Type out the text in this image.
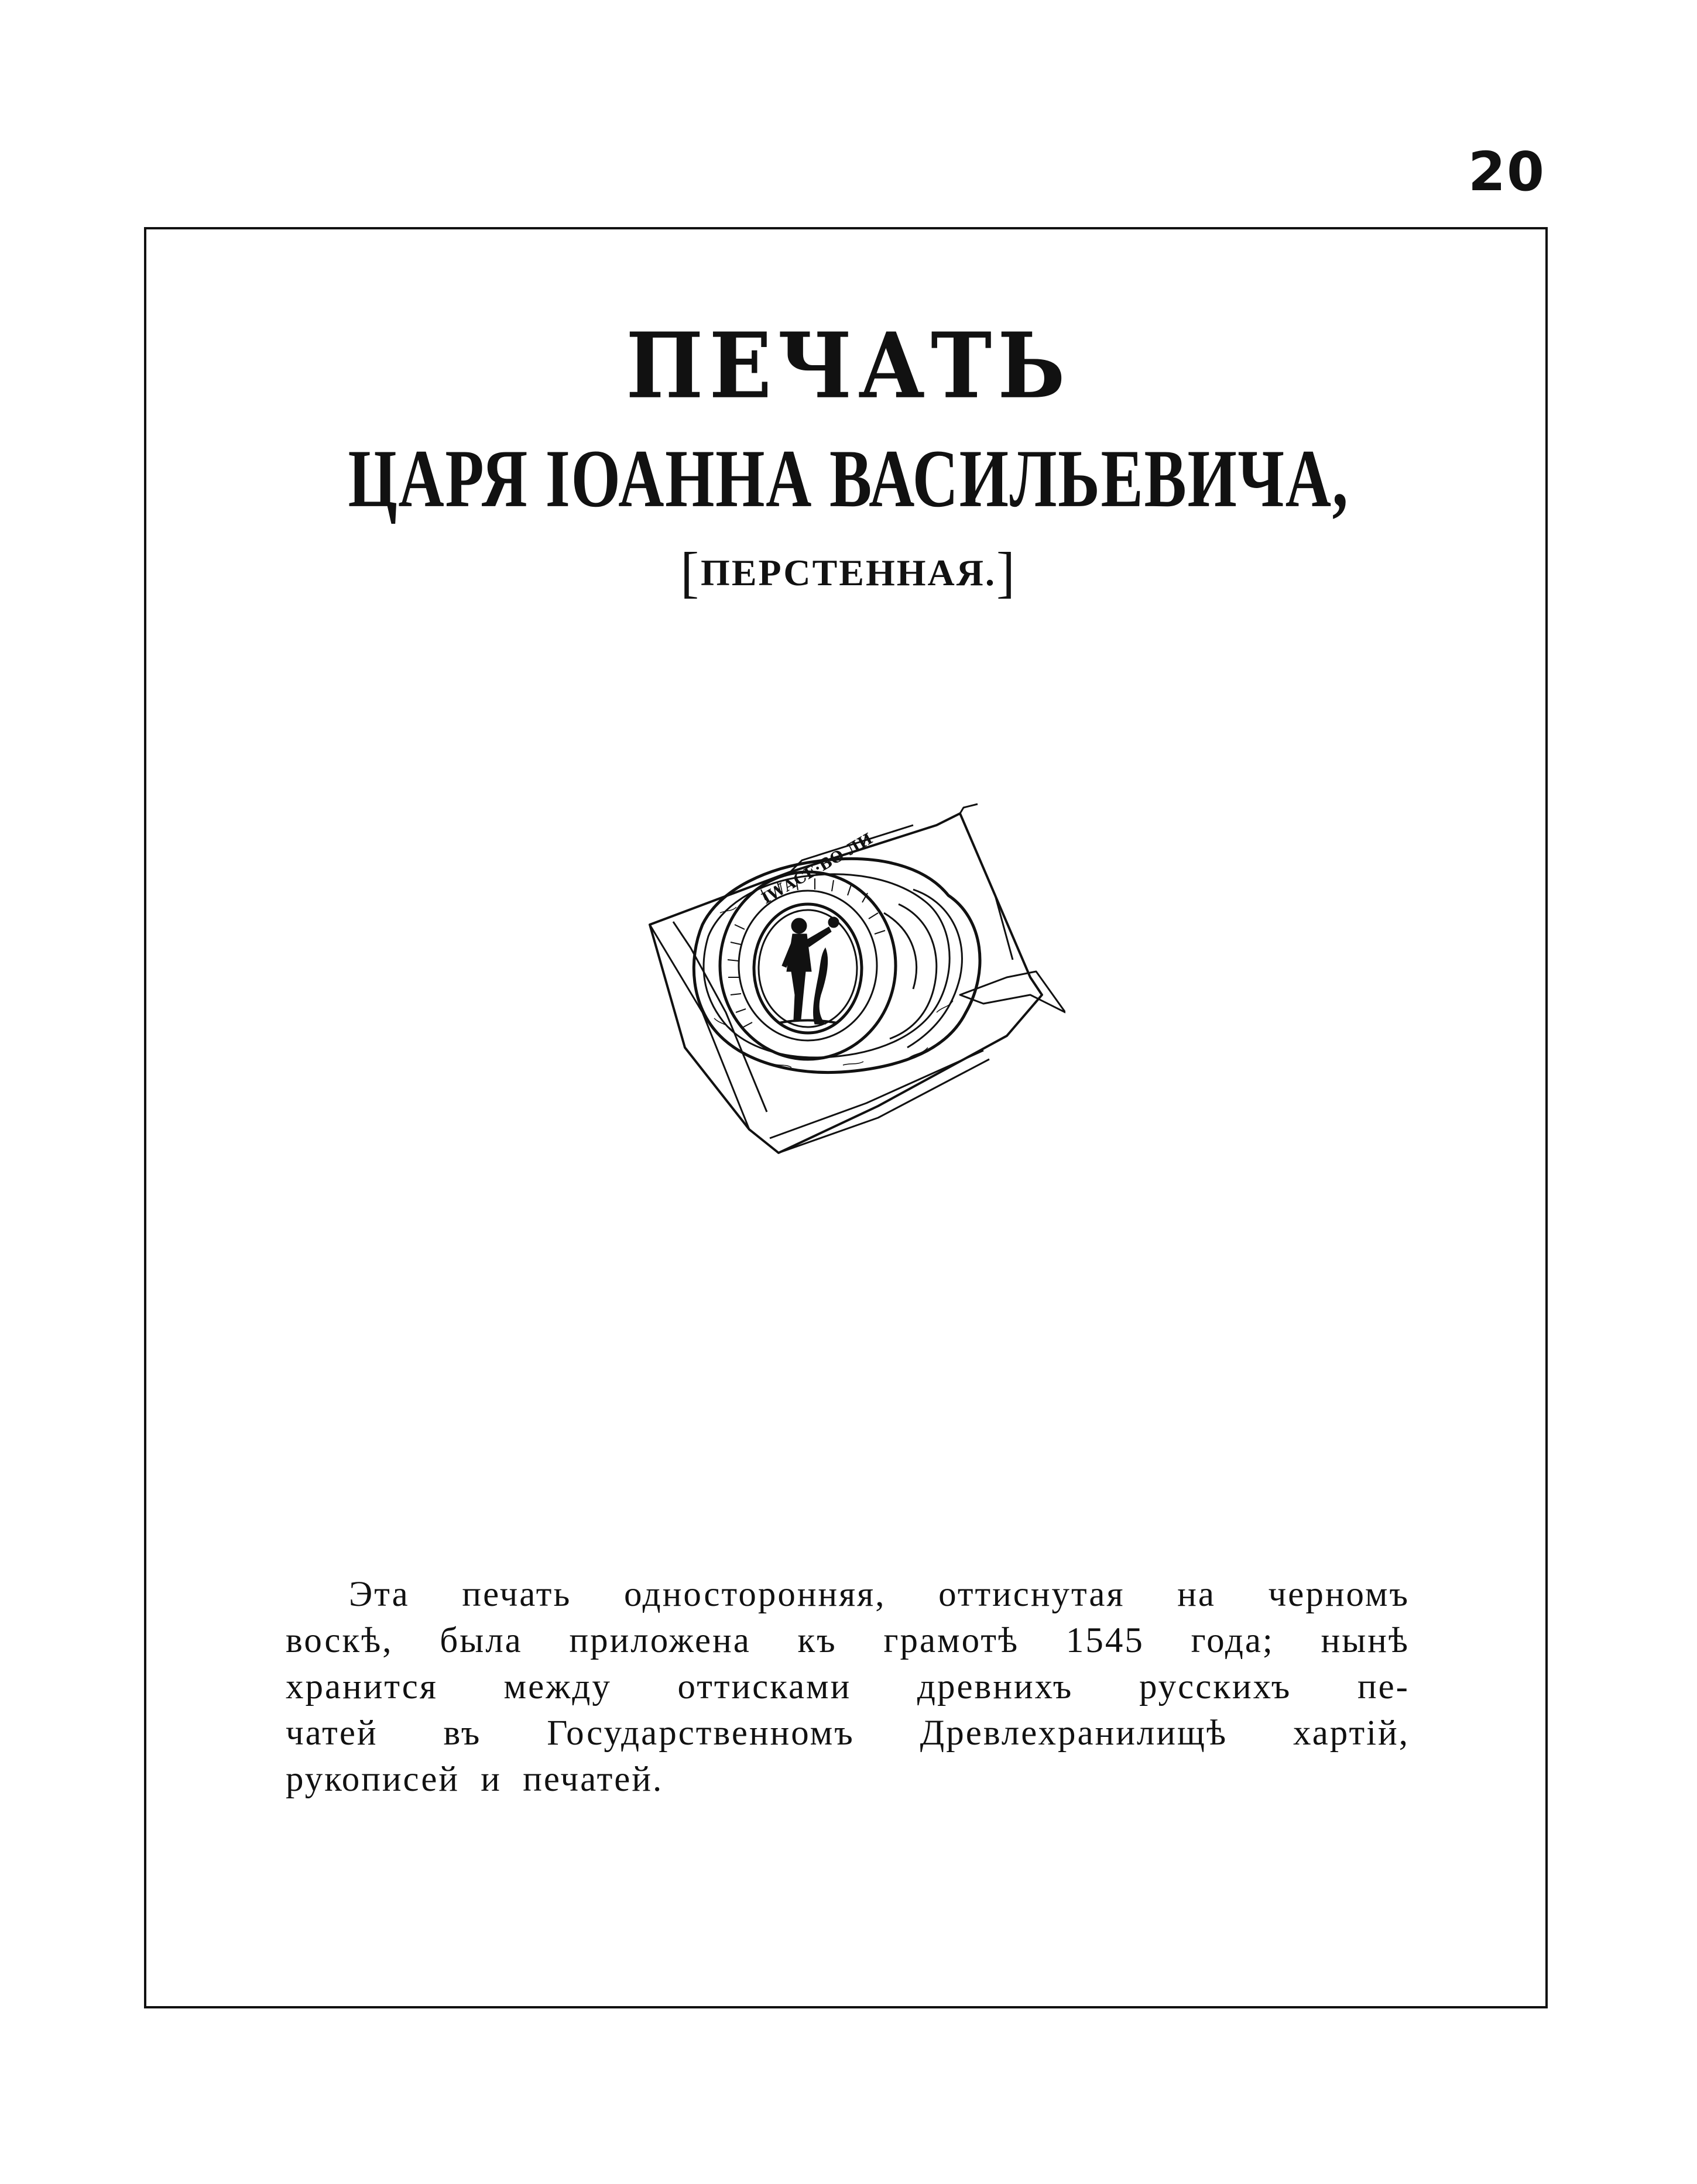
20
ПЕЧАТЬ
ЦАРЯ ІОАННА ВАСИЛЬЕВИЧА,
[ПЕРСТЕННАЯ.]
ІWАСЕ·ВО ЛИ
Эта печать односторонняя, оттиснутая на черномъ
воскѣ, была приложена къ грамотѣ 1545 года; нынѣ
хранится между оттисками древнихъ русскихъ пе-
чатей въ Государственномъ Древлехранилищѣ хартій,
рукописей и печатей.
